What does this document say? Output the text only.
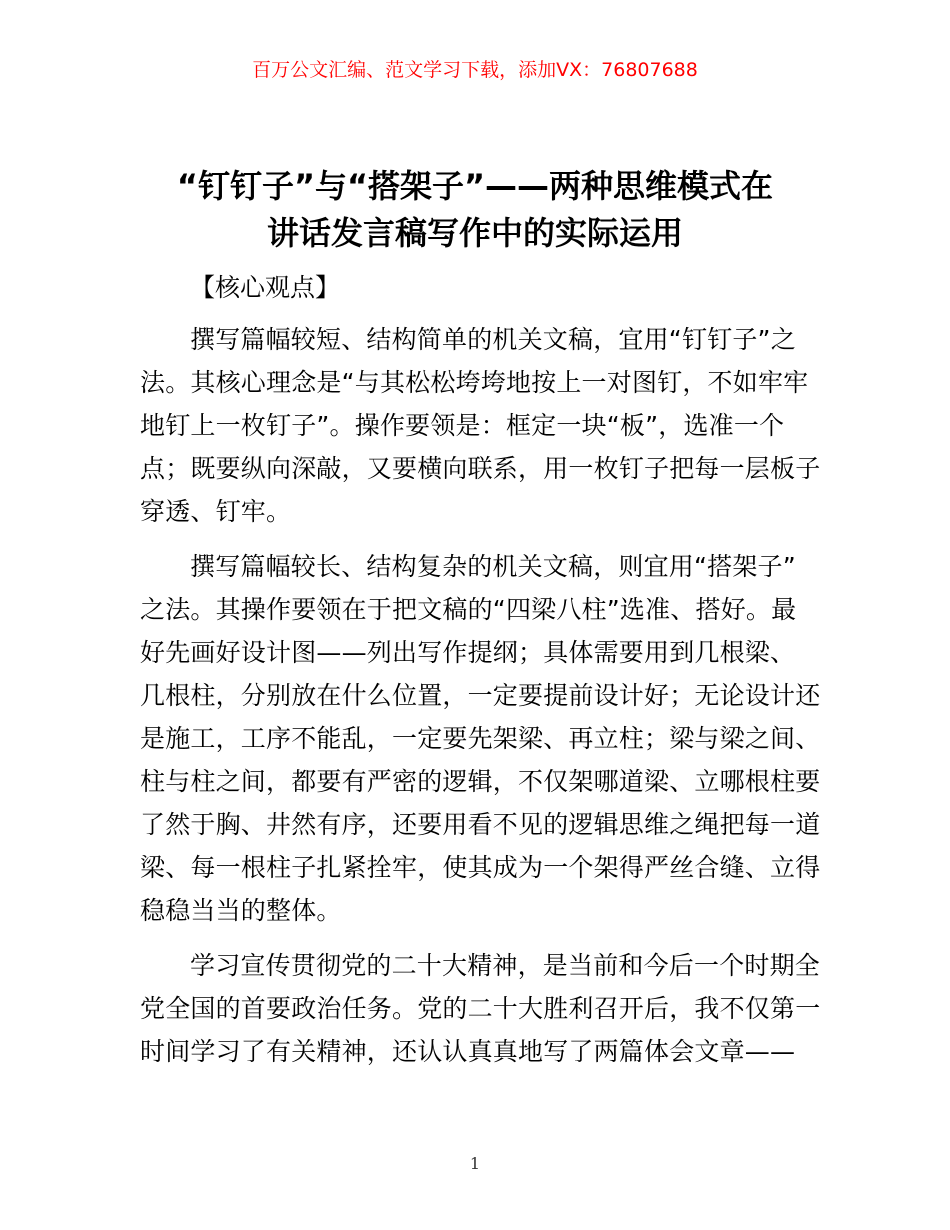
百万公文汇编、范文学习下载，添加VX：76807688
“钉钉子”与“搭架子”——两种思维模式在
讲话发言稿写作中的实际运用
【核心观点】
撰写篇幅较短、结构简单的机关文稿，宜用“钉钉子”之
法。其核心理念是“与其松松垮垮地按上一对图钉，不如牢牢
地钉上一枚钉子”。操作要领是：框定一块“板”，选准一个
点；既要纵向深敲，又要横向联系，用一枚钉子把每一层板子
穿透、钉牢。
撰写篇幅较长、结构复杂的机关文稿，则宜用“搭架子”
之法。其操作要领在于把文稿的“四梁八柱”选准、搭好。最
好先画好设计图——列出写作提纲；具体需要用到几根梁、
几根柱，分别放在什么位置，一定要提前设计好；无论设计还
是施工，工序不能乱，一定要先架梁、再立柱；梁与梁之间、
柱与柱之间，都要有严密的逻辑，不仅架哪道梁、立哪根柱要
了然于胸、井然有序，还要用看不见的逻辑思维之绳把每一道
梁、每一根柱子扎紧拴牢，使其成为一个架得严丝合缝、立得
稳稳当当的整体。
学习宣传贯彻党的二十大精神，是当前和今后一个时期全
党全国的首要政治任务。党的二十大胜利召开后，我不仅第一
时间学习了有关精神，还认认真真地写了两篇体会文章——
1
